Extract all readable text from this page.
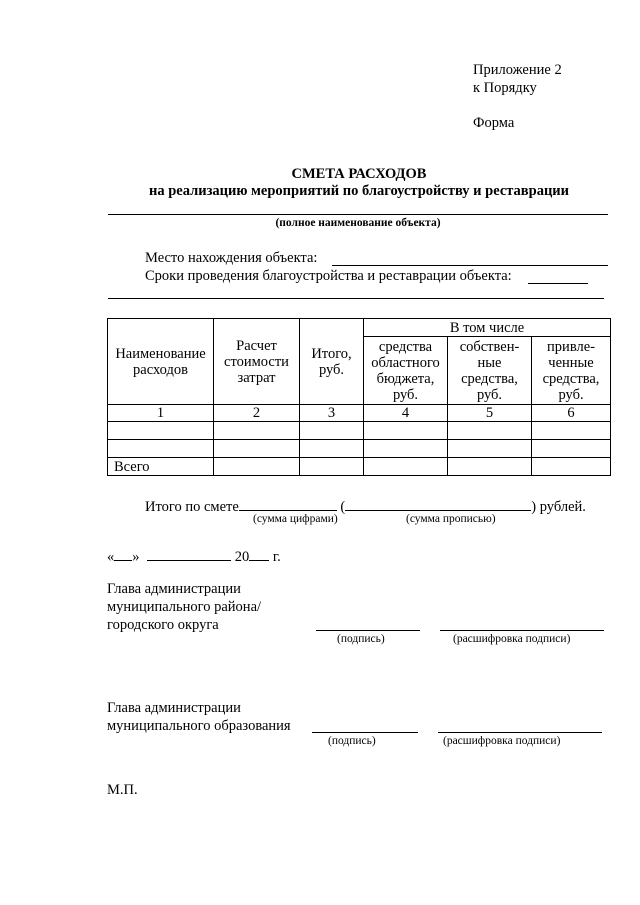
Приложение 2
к Порядку
Форма
СМЕТА РАСХОДОВ
на реализацию мероприятий по благоустройству и реставрации
(полное наименование объекта)
Место нахождения объекта:
Сроки проведения благоустройства и реставрации объекта:
Наименование расходов	Расчет стоимости затрат	Итого, руб.	В том числе		
			средства областного бюджета, руб.	собствен-ные средства, руб.	привле-ченные средства, руб.
1	2	3	4	5	6

Всего					
Итого по смете	(	) рублей.
(сумма цифрами)	(сумма прописью)
« »	20 г.
Глава администрации
муниципального района/
городского округа
(подпись)	(расшифровка подписи)
Глава администрации
муниципального образования
(подпись)	(расшифровка подписи)
М.П.
